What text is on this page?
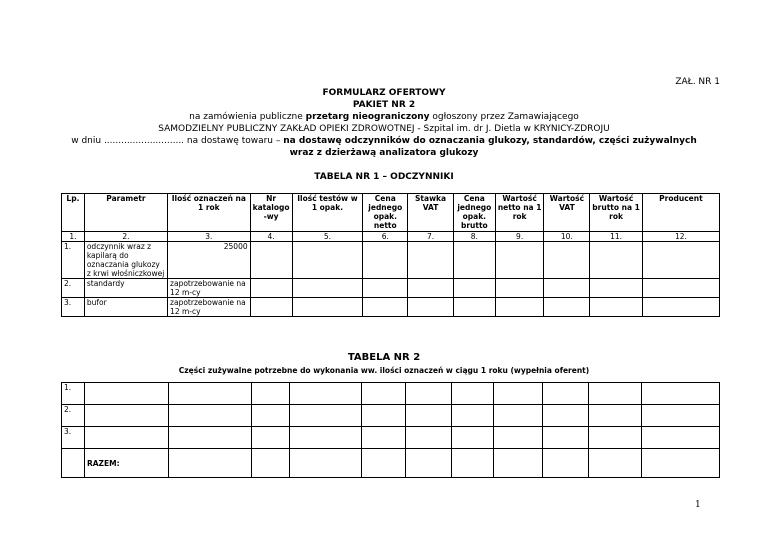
ZAŁ. NR 1
FORMULARZ OFERTOWY
PAKIET NR 2
na zamówienia publiczne przetarg nieograniczony ogłoszony przez Zamawiającego
SAMODZIELNY PUBLICZNY ZAKŁAD OPIEKI ZDROWOTNEJ - Szpital im. dr J. Dietla w KRYNICY-ZDROJU
w dniu ............................ na dostawę towaru – na dostawę odczynników do oznaczania glukozy, standardów, części zużywalnych
wraz z dzierżawą analizatora glukozy
TABELA NR 1 – ODCZYNNIKI
Lp.	Parametr	Ilość oznaczeń na 1 rok	Nr katalogo -wy	Ilość testów w 1 opak.	Cena jednego opak. netto	Stawka VAT	Cena jednego opak. brutto	Wartość netto na 1 rok	Wartość VAT	Wartość brutto na 1 rok	Producent
1.	2.	3.	4.	5.	6.	7.	8.	9.	10.	11.	12.
1.	odczynnik wraz z kapilarą do oznaczania glukozy z krwi włośniczkowej	25000									
2.	standardy	zapotrzebowanie na 12 m-cy									
3.	bufor	zapotrzebowanie na 12 m-cy									
TABELA NR 2
Części zużywalne potrzebne do wykonania ww. ilości oznaczeń w ciągu 1 roku (wypełnia oferent)
1.											
2.											
3.											
	RAZEM:										
1
